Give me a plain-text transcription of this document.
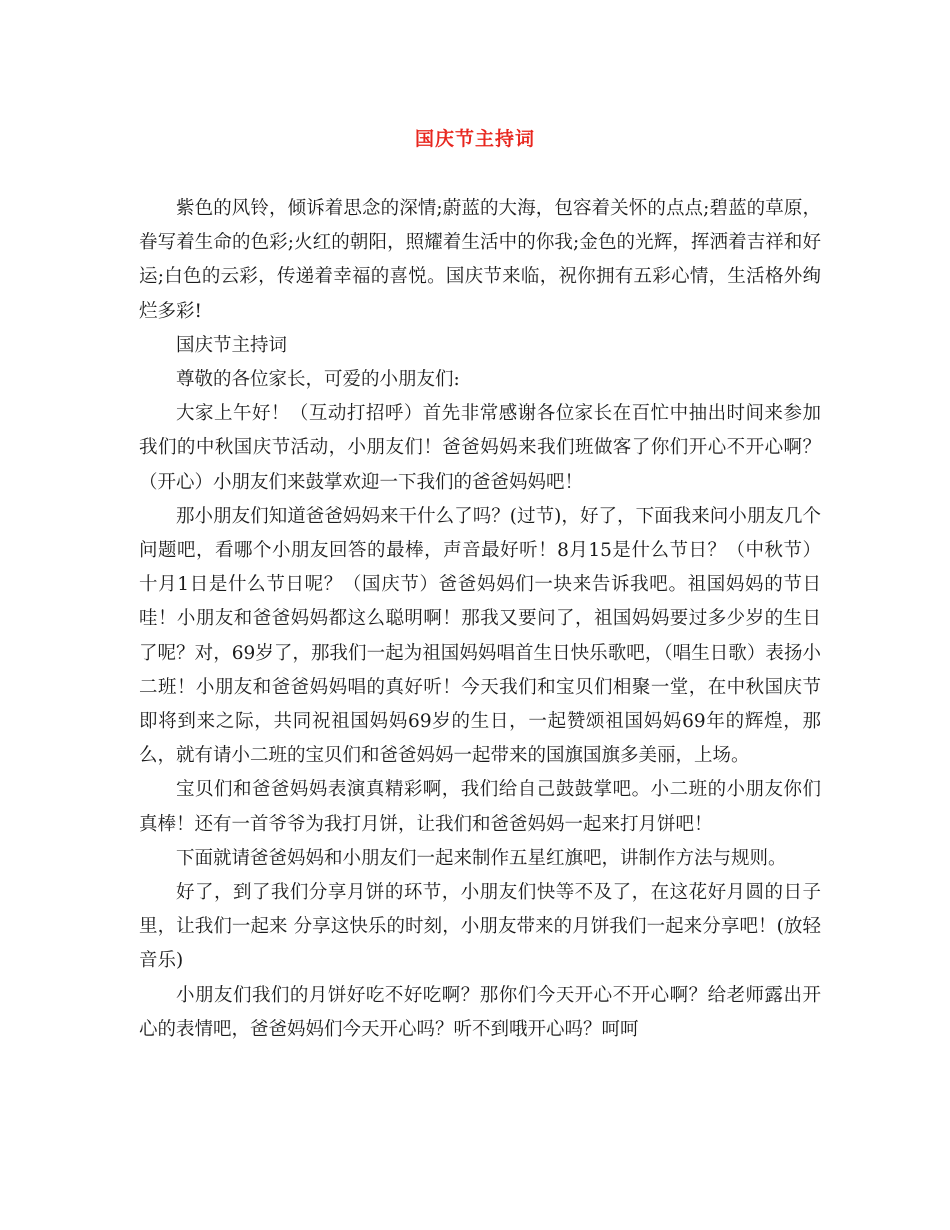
国庆节主持词

紫色的风铃，倾诉着思念的深情;蔚蓝的大海，包容着关怀的点点;碧蓝的草原，眷写着生命的色彩;火红的朝阳，照耀着生活中的你我;金色的光辉，挥洒着吉祥和好运;白色的云彩，传递着幸福的喜悦。国庆节来临，祝你拥有五彩心情，生活格外绚烂多彩!

国庆节主持词

尊敬的各位家长，可爱的小朋友们:

大家上午好！（互动打招呼）首先非常感谢各位家长在百忙中抽出时间来参加我们的中秋国庆节活动，小朋友们！爸爸妈妈来我们班做客了你们开心不开心啊？（开心）小朋友们来鼓掌欢迎一下我们的爸爸妈妈吧！

那小朋友们知道爸爸妈妈来干什么了吗？(过节)，好了，下面我来问小朋友几个问题吧，看哪个小朋友回答的最棒，声音最好听！8月15是什么节日？（中秋节）十月1日是什么节日呢？（国庆节）爸爸妈妈们一块来告诉我吧。祖国妈妈的节日哇！小朋友和爸爸妈妈都这么聪明啊！那我又要问了，祖国妈妈要过多少岁的生日了呢？对，69岁了，那我们一起为祖国妈妈唱首生日快乐歌吧，（唱生日歌）表扬小二班！小朋友和爸爸妈妈唱的真好听！今天我们和宝贝们相聚一堂，在中秋国庆节即将到来之际，共同祝祖国妈妈69岁的生日，一起赞颂祖国妈妈69年的辉煌，那么，就有请小二班的宝贝们和爸爸妈妈一起带来的国旗国旗多美丽，上场。

宝贝们和爸爸妈妈表演真精彩啊，我们给自己鼓鼓掌吧。小二班的小朋友你们真棒！还有一首爷爷为我打月饼，让我们和爸爸妈妈一起来打月饼吧！

下面就请爸爸妈妈和小朋友们一起来制作五星红旗吧，讲制作方法与规则。

好了，到了我们分享月饼的环节，小朋友们快等不及了，在这花好月圆的日子里，让我们一起来 分享这快乐的时刻，小朋友带来的月饼我们一起来分享吧！(放轻音乐)

小朋友们我们的月饼好吃不好吃啊？那你们今天开心不开心啊？给老师露出开心的表情吧，爸爸妈妈们今天开心吗？听不到哦开心吗？呵呵
